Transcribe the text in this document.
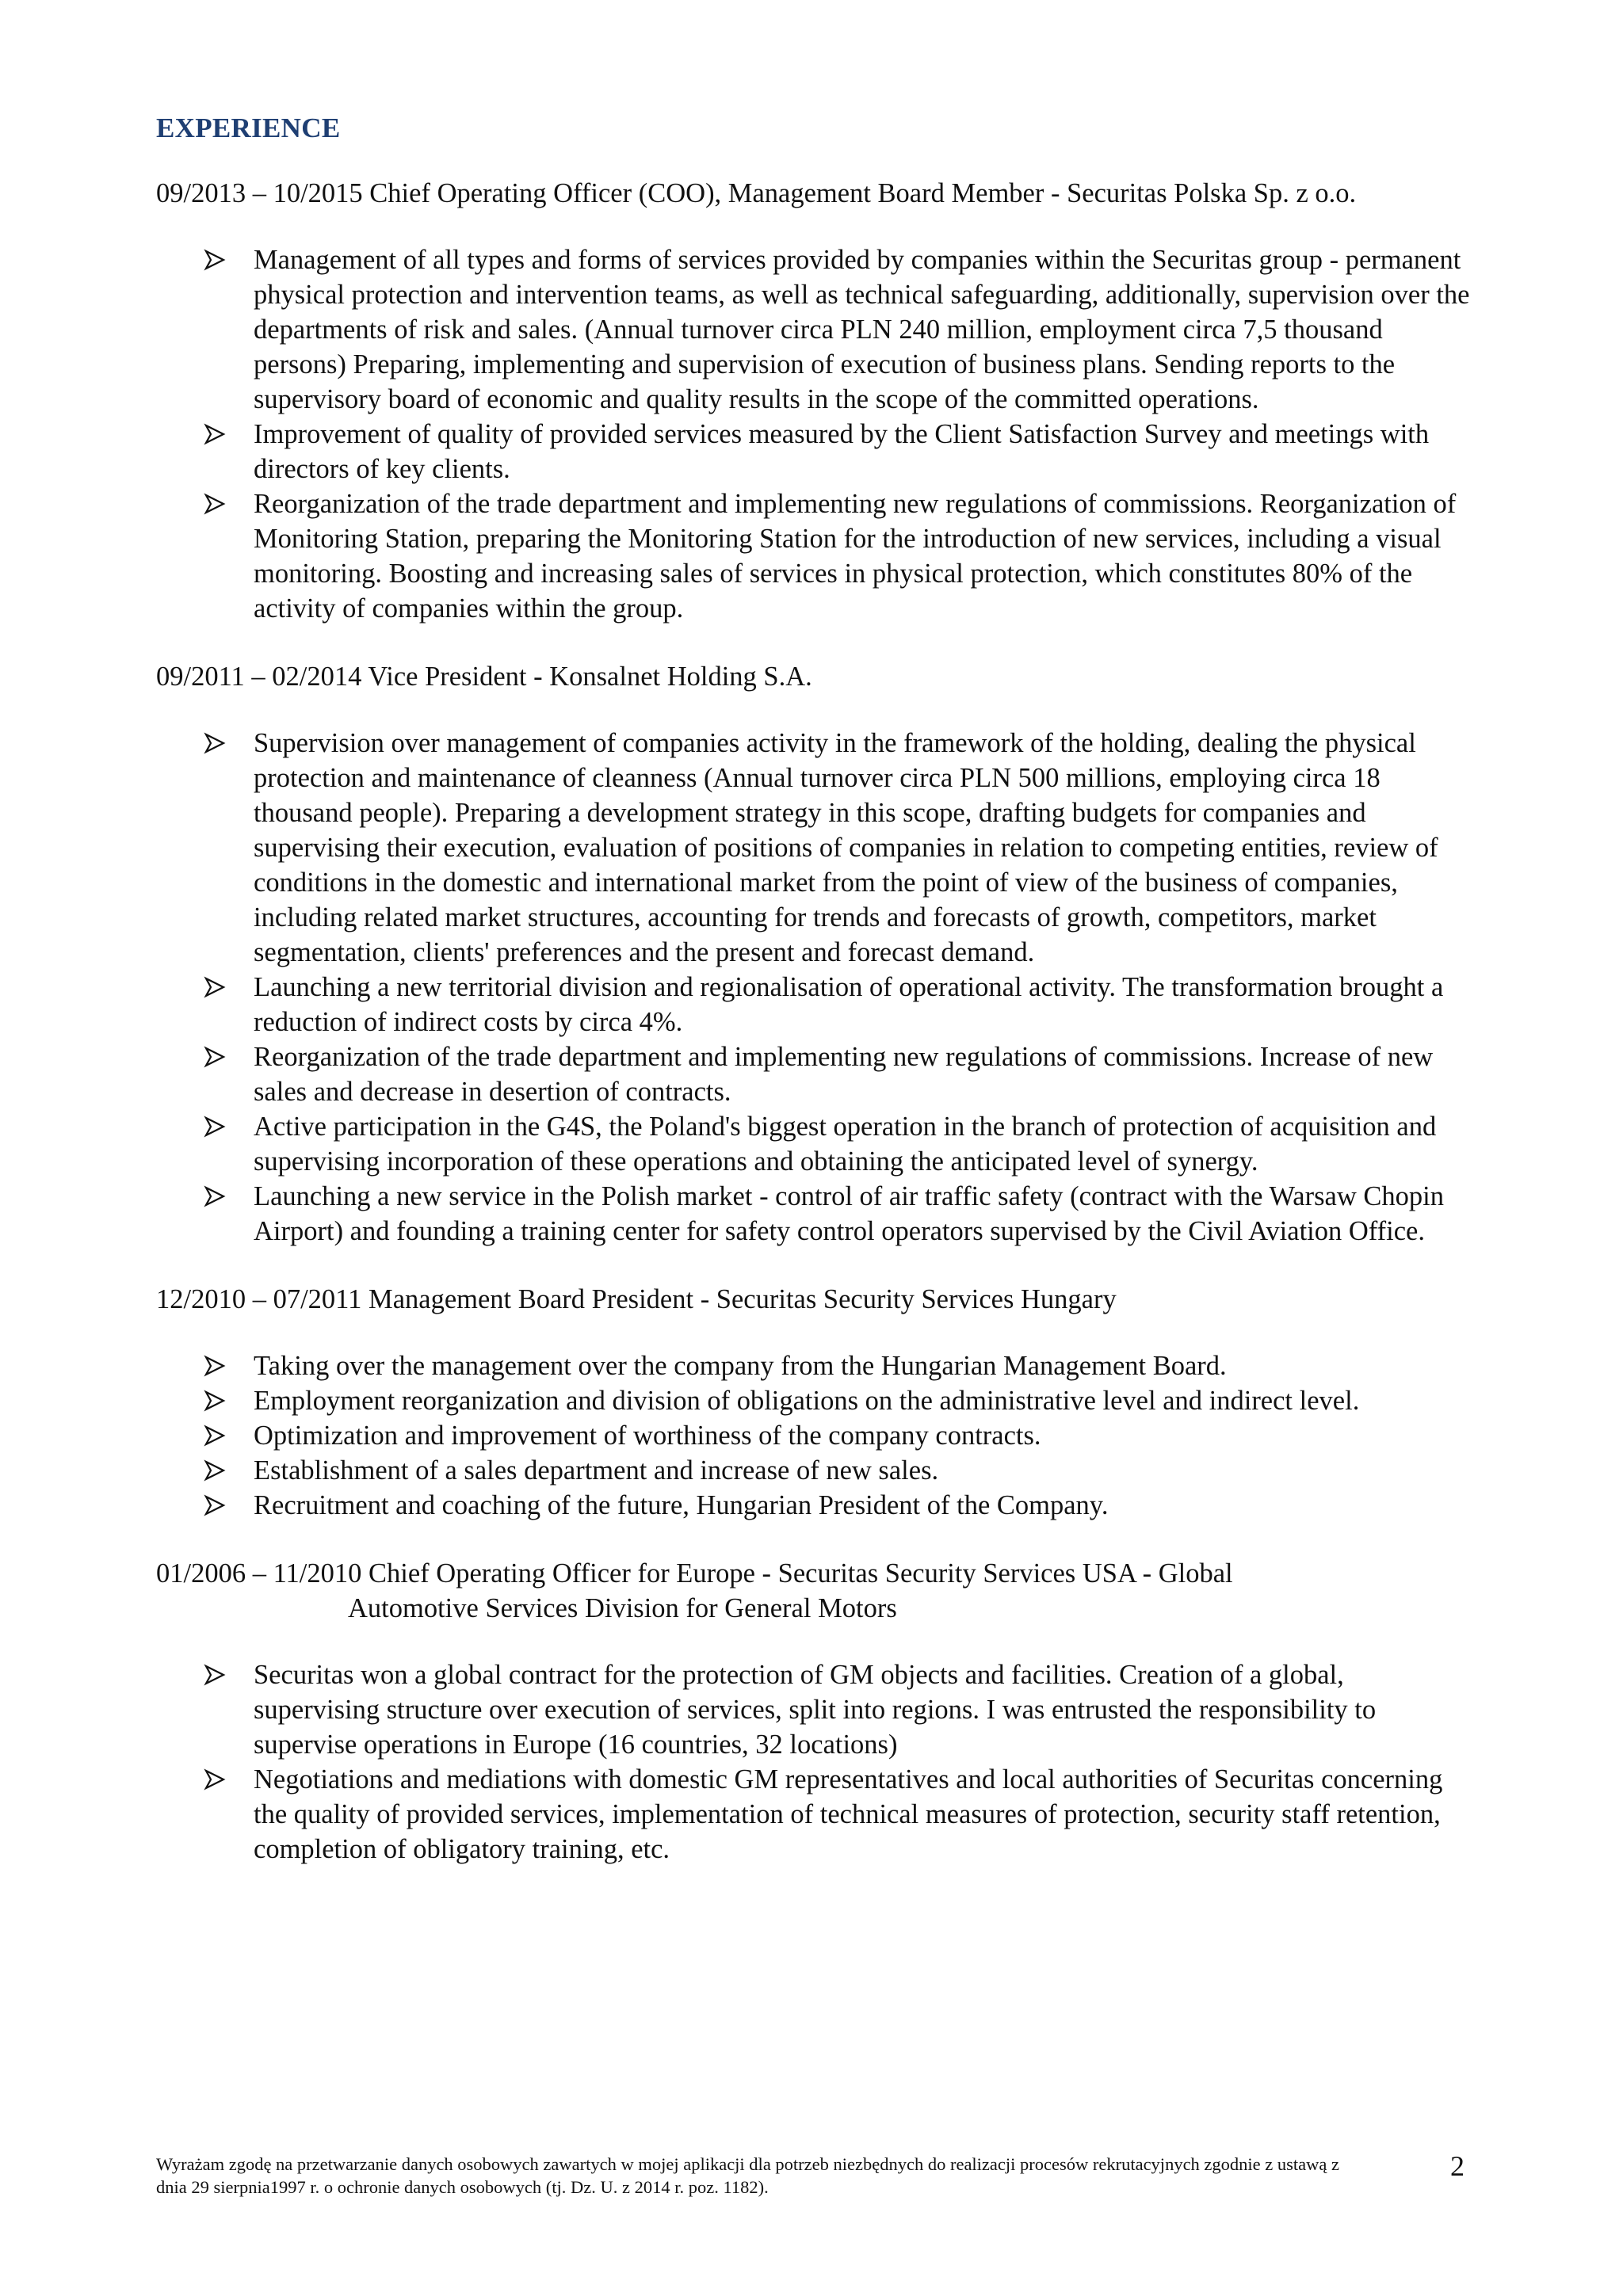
EXPERIENCE

09/2013 – 10/2015 Chief Operating Officer (COO), Management Board Member - Securitas Polska Sp. z o.o.

Management of all types and forms of services provided by companies within the Securitas group - permanent physical protection and intervention teams, as well as technical safeguarding, additionally, supervision over the departments of risk and sales. (Annual turnover circa PLN 240 million, employment circa 7,5 thousand persons) Preparing, implementing and supervision of execution of business plans. Sending reports to the supervisory board of economic and quality results in the scope of the committed operations.
Improvement of quality of provided services measured by the Client Satisfaction Survey and meetings with directors of key clients.
Reorganization of the trade department and implementing new regulations of commissions. Reorganization of Monitoring Station, preparing the Monitoring Station for the introduction of new services, including a visual monitoring. Boosting and increasing sales of services in physical protection, which constitutes 80% of the activity of companies within the group.

09/2011 – 02/2014 Vice President - Konsalnet Holding S.A.

Supervision over management of companies activity in the framework of the holding, dealing the physical protection and maintenance of cleanness (Annual turnover circa PLN 500 millions, employing circa 18 thousand people). Preparing a development strategy in this scope, drafting budgets for companies and supervising their execution, evaluation of positions of companies in relation to competing entities, review of conditions in the domestic and international market from the point of view of the business of companies, including related market structures, accounting for trends and forecasts of growth, competitors, market segmentation, clients' preferences and the present and forecast demand.
Launching a new territorial division and regionalisation of operational activity. The transformation brought a reduction of indirect costs by circa 4%.
Reorganization of the trade department and implementing new regulations of commissions. Increase of new sales and decrease in desertion of contracts.
Active participation in the G4S, the Poland's biggest operation in the branch of protection of acquisition and supervising incorporation of these operations and obtaining the anticipated level of synergy.
Launching a new service in the Polish market - control of air traffic safety (contract with the Warsaw Chopin Airport) and founding a training center for safety control operators supervised by the Civil Aviation Office.

12/2010 – 07/2011 Management Board President - Securitas Security Services Hungary

Taking over the management over the company from the Hungarian Management Board.
Employment reorganization and division of obligations on the administrative level and indirect level.
Optimization and improvement of worthiness of the company contracts.
Establishment of a sales department and increase of new sales.
Recruitment and coaching of the future, Hungarian President of the Company.

01/2006 – 11/2010 Chief Operating Officer for Europe - Securitas Security Services USA - Global
Automotive Services Division for General Motors

Securitas won a global contract for the protection of GM objects and facilities. Creation of a global, supervising structure over execution of services, split into regions. I was entrusted the responsibility to supervise operations in Europe (16 countries, 32 locations)
Negotiations and mediations with domestic GM representatives and local authorities of Securitas concerning the quality of provided services, implementation of technical measures of protection, security staff retention, completion of obligatory training, etc.
Wyrażam zgodę na przetwarzanie danych osobowych zawartych w mojej aplikacji dla potrzeb niezbędnych do realizacji procesów rekrutacyjnych zgodnie z ustawą z dnia 29 sierpnia1997 r. o ochronie danych osobowych (tj. Dz. U. z 2014 r. poz. 1182).
2
